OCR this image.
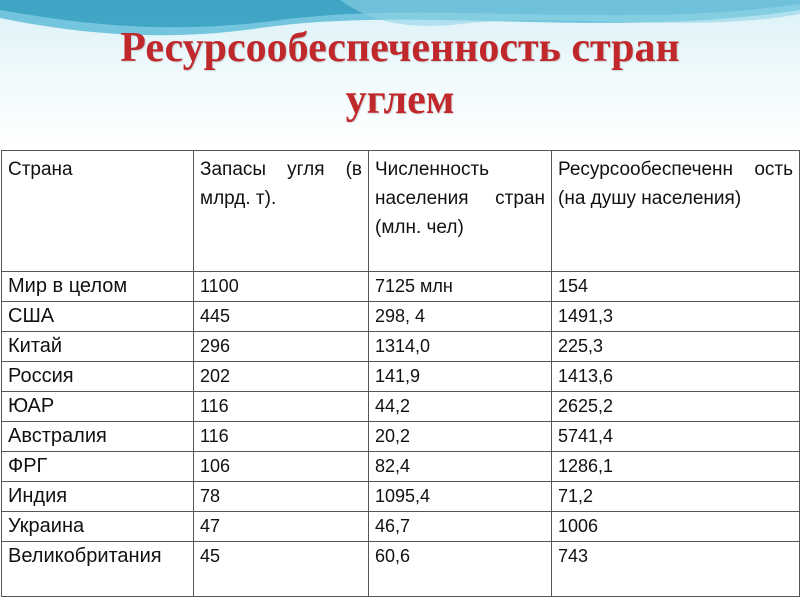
Ресурсообеспеченность стран
углем
Страна	Запасы угля (в млрд. т).	Численность населения стран (млн. чел)	Ресурсообеспеченн ость (на душу населения)
Мир в целом	1100	7125 млн	154
США	445	298, 4	1491,3
Китай	296	1314,0	225,3
Россия	202	141,9	1413,6
ЮАР	116	44,2	2625,2
Австралия	116	20,2	5741,4
ФРГ	106	82,4	1286,1
Индия	78	1095,4	71,2
Украина	47	46,7	1006
Великобритания	45	60,6	743
